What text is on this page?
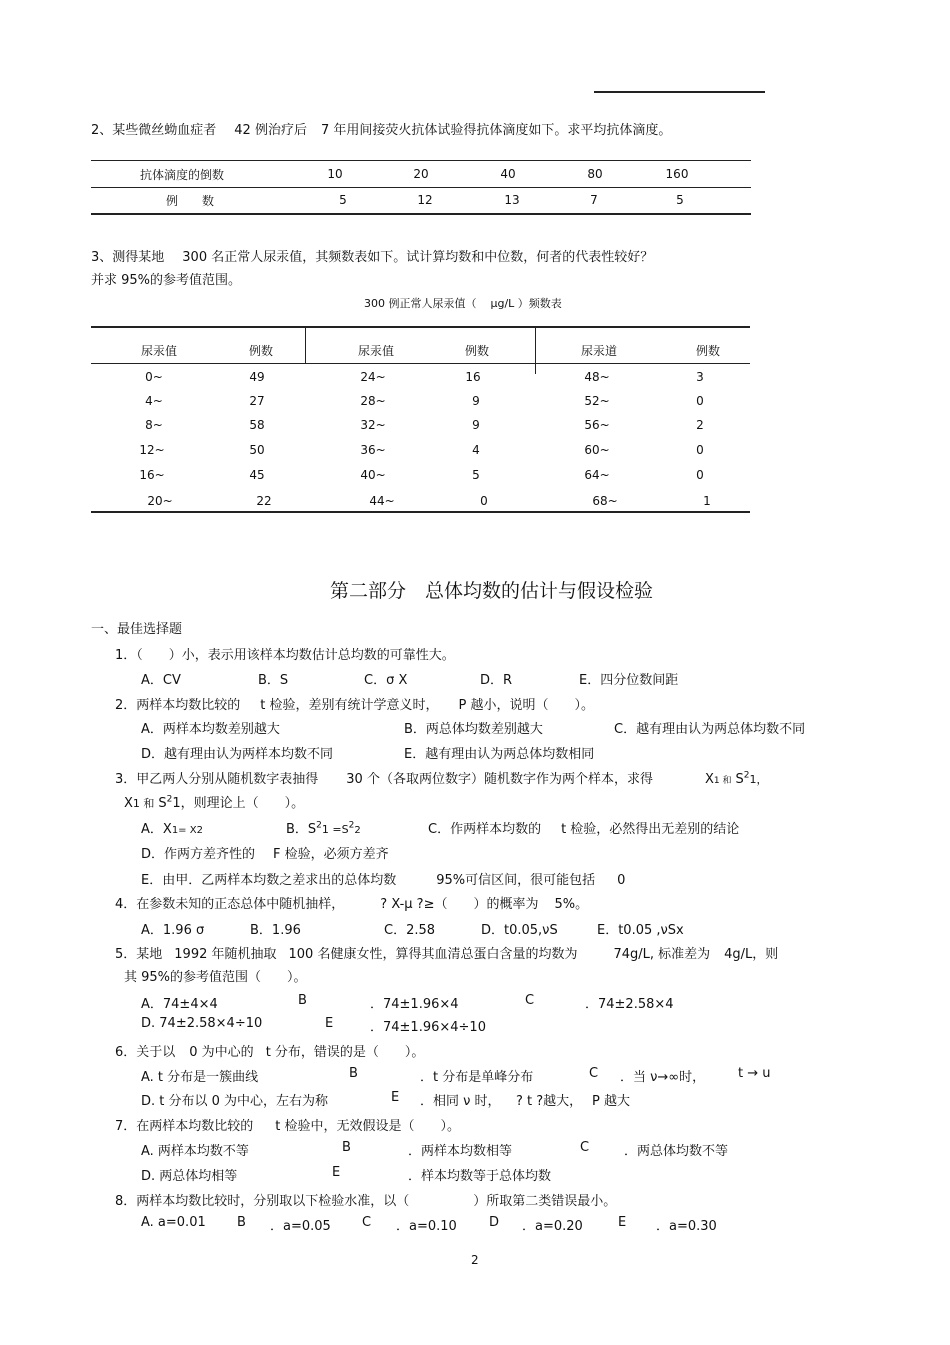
2、某些微丝蚴血症者 42 例治疗后 7 年用间接荧火抗体试验得抗体滴度如下。求平均抗体滴度。
抗体滴度的倒数	10	20	40	80	160
例　　数	5	12	13	7	5
3、测得某地 300 名正常人尿汞值，其频数表如下。试计算均数和中位数，何者的代表性较好？
并求 95%的参考值范围。
300 例正常人尿汞值（ μg/L ）频数表
尿汞值	例数	尿汞值	例数	尿汞道	例数
0~	49	24~	16	48~	3
4~	27	28~	9	52~	0
8~	58	32~	9	56~	2
12~	50	36~	4	60~	0
16~	45	40~	5	64~	0
20~	22	44~	0	68~	1
第二部分　总体均数的估计与假设检验
一、最佳选择题
1．（　　）小，表示用该样本均数估计总均数的可靠性大。
A．CV	B．S	C．σ X	D．R	E．四分位数间距
2．两样本均数比较的 t 检验，差别有统计学意义时， P 越小，说明（　　）。
A．两样本均数差别越大	B．两总体均数差别越大	C．越有理由认为两总体均数不同
D．越有理由认为两样本均数不同	E．越有理由认为两总体均数相同
3．甲乙两人分别从随机数字表抽得 30 个（各取两位数字）随机数字作为两个样本，求得	X1 和 $S^21$，
X1 和 $S^21$，则理论上（　　）。
A．X1= X2	B．$S^21 =S^22$	C．作两样本均数的 t 检验，必然得出无差别的结论
D．作两方差齐性的 F 检验，必须方差齐
E．由甲．乙两样本均数之差求出的总体均数	95%可信区间，很可能包括 0
4．在参数未知的正态总体中随机抽样，	? X-μ ?≥（　　）的概率为 5%。
A．1.96 σ	B．1.96	C．2.58	D．t0.05,νS	E．t0.05 ,νSx
5．某地 1992 年随机抽取 100 名健康女性，算得其血清总蛋白含量的均数为	74g/L, 标准差为 4g/L，则
其 95%的参考值范围（　　）。
A．74±4×4	B	．74±1.96×4	C	．74±2.58×4
D. 74±2.58×4÷10	E	．74±1.96×4÷10
6．关于以 0 为中心的 t 分布，错误的是（　　）。
A. t 分布是一簇曲线	B	．t 分布是单峰分布	C ．当 ν→∞时，	t → u
D. t 分布以 0 为中心，左右为称	E ．相同 ν 时， ? t ?越大， P 越大
7．在两样本均数比较的 t 检验中，无效假设是（　　）。
A. 两样本均数不等	B	．两样本均数相等	C	．两总体均数不等
D. 两总体均相等	E	．样本均数等于总体均数
8．两样本均数比较时，分别取以下检验水准，以（	）所取第二类错误最小。
A. a=0.01 B ．a=0.05 C ．a=0.10 D ．a=0.20	E ．a=0.30
2
